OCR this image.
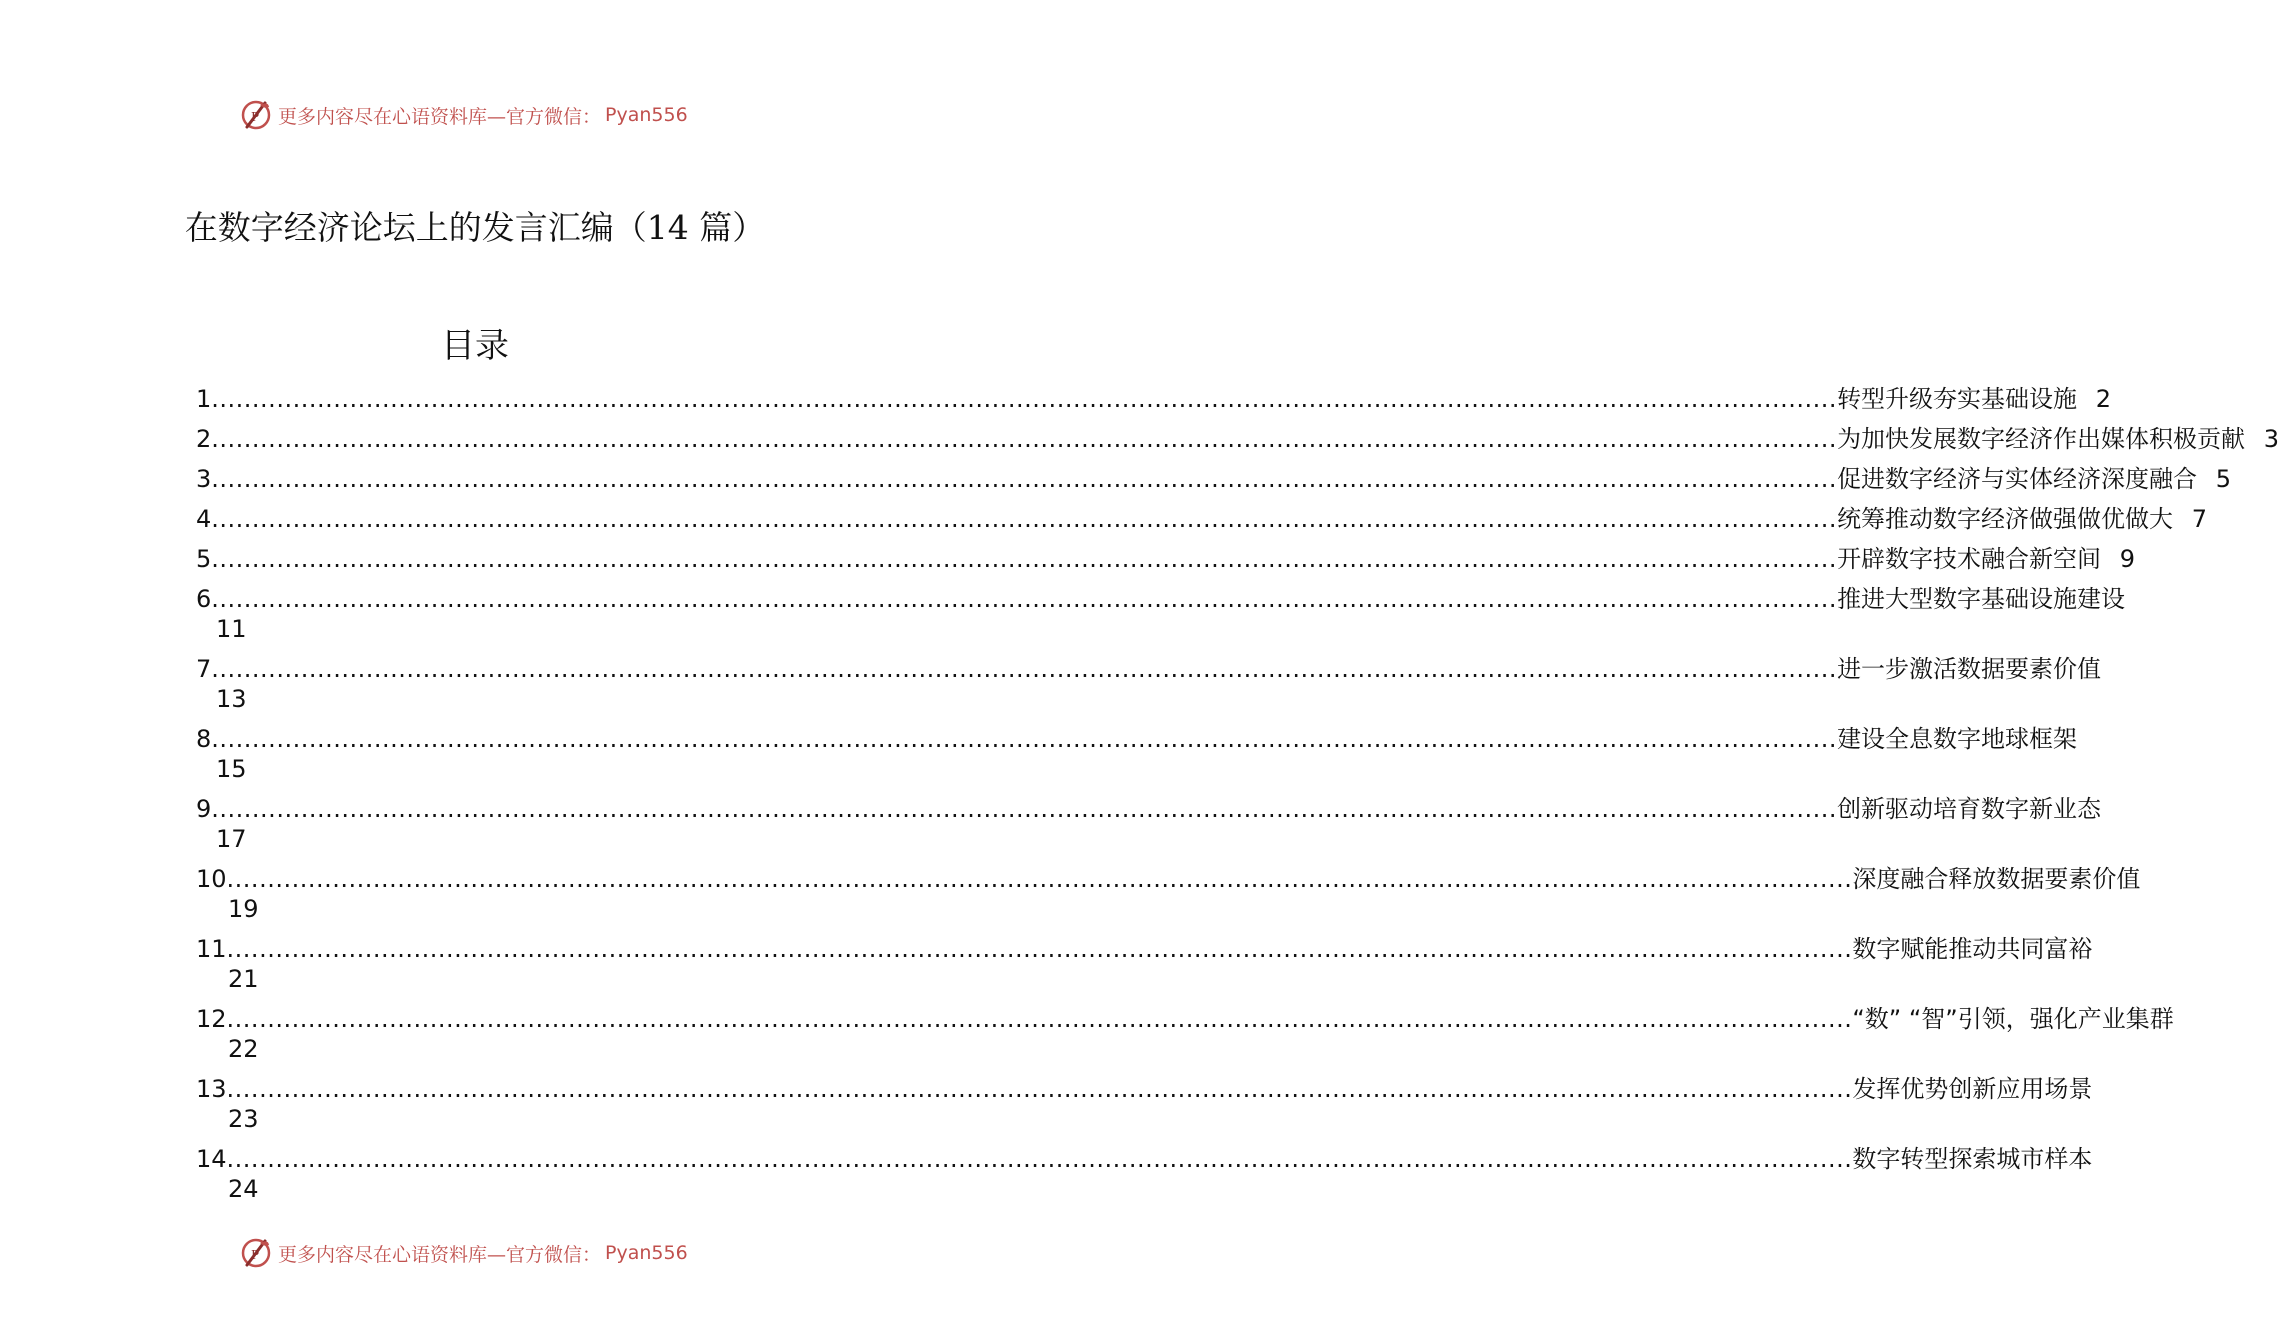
P 更多内容尽在心语资料库—官方微信： Pyan556
在数字经济论坛上的发言汇编（14 篇）
目录
1 ........................................................................................................................................................................................................ 转型升级夯实基础设施 2
2 ........................................................................................................................................................................................................ 为加快发展数字经济作出媒体积极贡献 3
3 ........................................................................................................................................................................................................ 促进数字经济与实体经济深度融合 5
4 ........................................................................................................................................................................................................ 统筹推动数字经济做强做优做大 7
5 ........................................................................................................................................................................................................ 开辟数字技术融合新空间 9
6 ........................................................................................................................................................................................................ 推进大型数字基础设施建设
11
7 ........................................................................................................................................................................................................ 进一步激活数据要素价值
13
8 ........................................................................................................................................................................................................ 建设全息数字地球框架
15
9 ........................................................................................................................................................................................................ 创新驱动培育数字新业态
17
10 ........................................................................................................................................................................................................ 深度融合释放数据要素价值
19
11 ........................................................................................................................................................................................................ 数字赋能推动共同富裕
21
12 ........................................................................................................................................................................................................ “数” “智”引领，强化产业集群
22
13 ........................................................................................................................................................................................................ 发挥优势创新应用场景
23
14 ........................................................................................................................................................................................................ 数字转型探索城市样本
24
P 更多内容尽在心语资料库—官方微信： Pyan556
